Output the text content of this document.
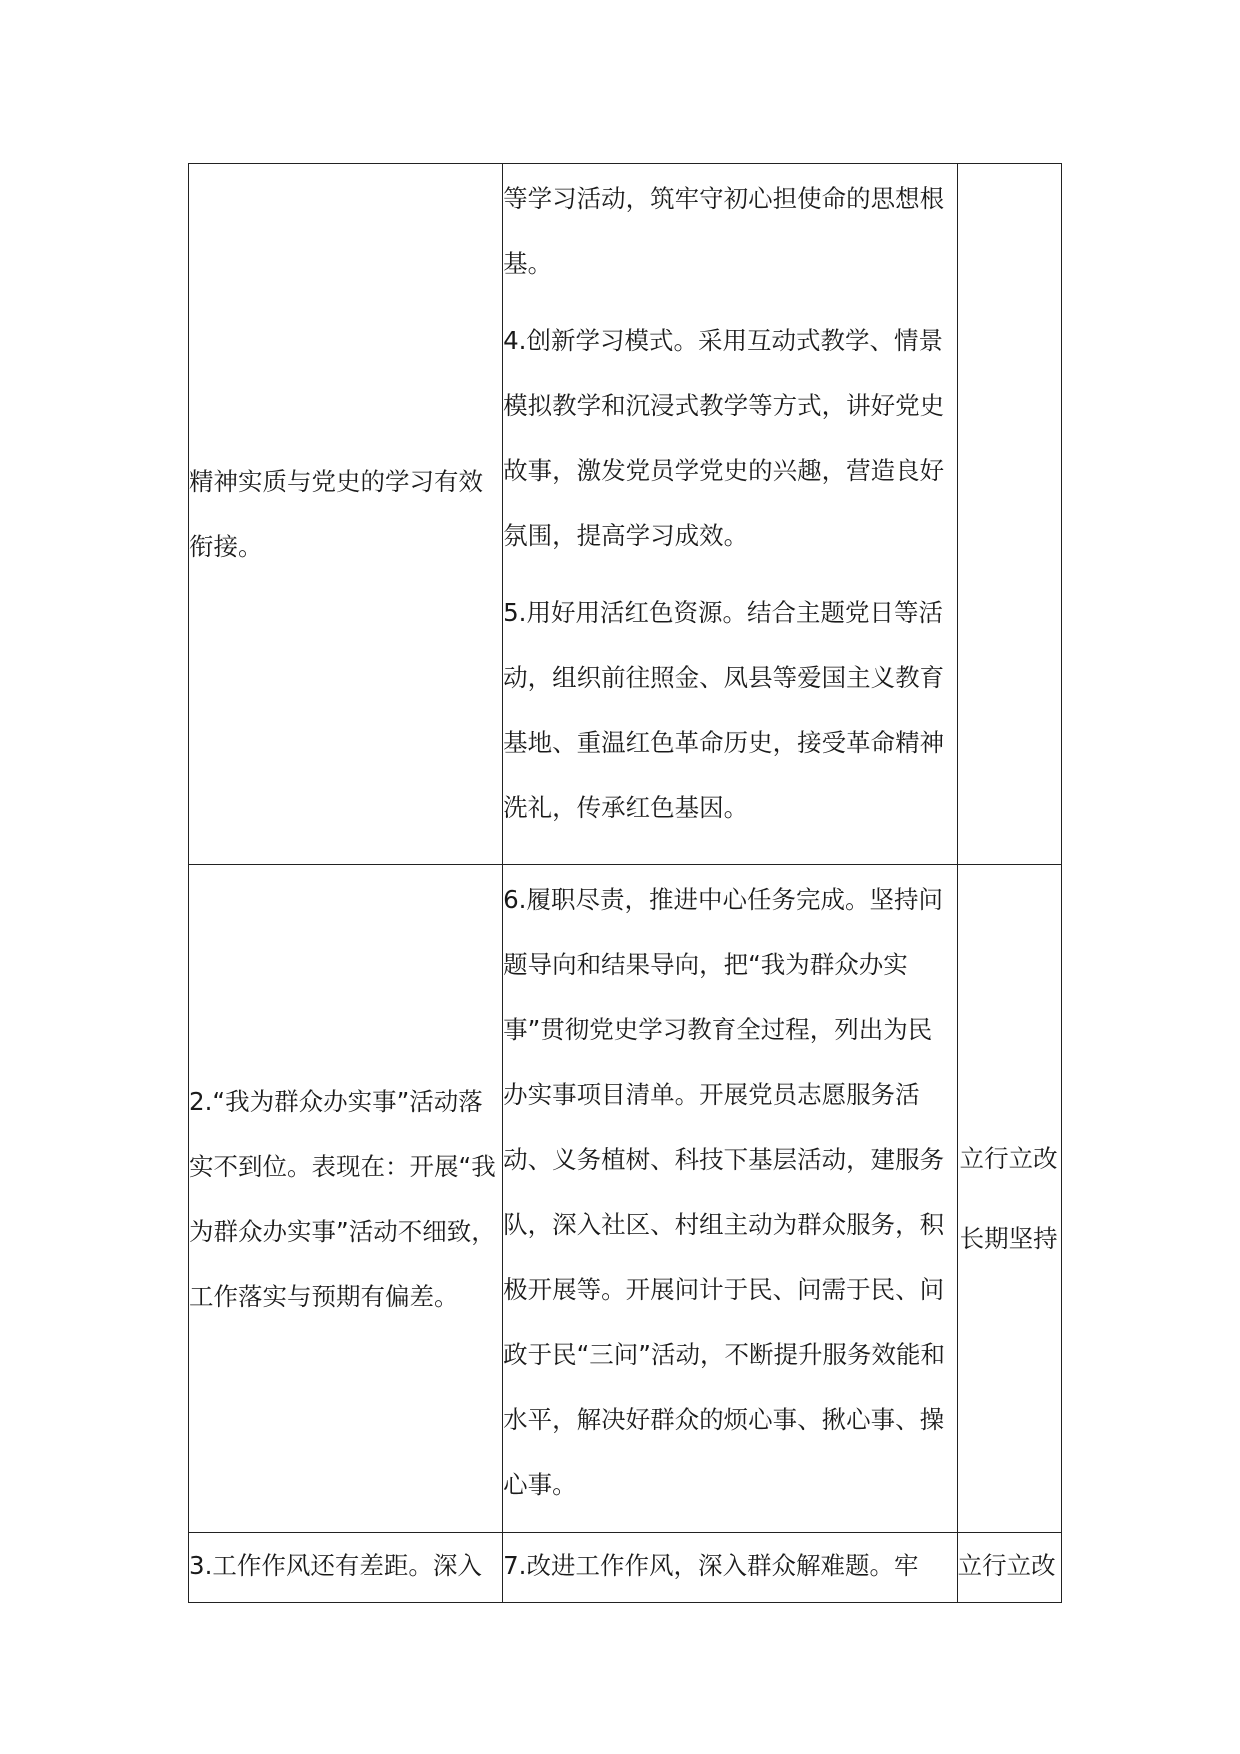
精神实质与党史的学习有效衔接。	等学习活动，筑牢守初心担使命的思想根基。

4.创新学习模式。采用互动式教学、情景模拟教学和沉浸式教学等方式，讲好党史故事，激发党员学党史的兴趣，营造良好氛围，提高学习成效。

5.用好用活红色资源。结合主题党日等活动，组织前往照金、凤县等爱国主义教育基地、重温红色革命历史，接受革命精神洗礼，传承红色基因。	

2.“我为群众办实事”活动落实不到位。表现在：开展“我为群众办实事”活动不细致，工作落实与预期有偏差。	6.履职尽责，推进中心任务完成。坚持问题导向和结果导向，把“我为群众办实事”贯彻党史学习教育全过程，列出为民办实事项目清单。开展党员志愿服务活动、义务植树、科技下基层活动，建服务队，深入社区、村组主动为群众服务，积极开展等。开展问计于民、问需于民、问政于民“三问”活动，不断提升服务效能和水平，解决好群众的烦心事、揪心事、操心事。	立行立改
长期坚持

3.工作作风还有差距。深入	7.改进工作作风，深入群众解难题。牢	立行立改
